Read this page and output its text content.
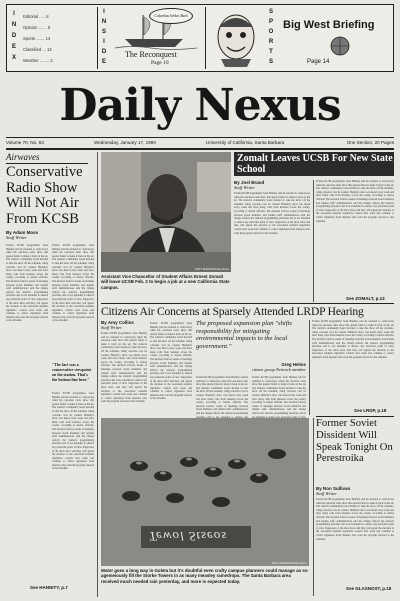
I
N
D
E
X
Editorial ..... 8
Opinion ....... 9
Sports ....... 14
Classified ... 13
Weather ........ 2
I
N
S
I
D
E
Columbus Strikes Back
The Reconquest
Page 10
S
P
O
R
T
S
Big West Briefing
Page 14
Daily Nexus
Volume 70, No. 63	Wednesday, January 17, 1990	University of California, Santa Barbara	One Section, 20 Pages
Airwaves
Conservative Radio Show Will Not Air From KCSB
By Adam Moss
Staff Writer
Former KCSB programmer Sean Hannity said he returned to controversy when his one-hour radio show this quarter failed to make it back on the air. The station's community board decided to take the show off the schedule, citing concerns over its content. Hannity's show was heard every week and drew many calls from listeners across the county, according to station officials. The decision follows weeks of meetings between board members and student staff. Administrators said the change reflects the station's programming priorities and is not intended to silence any particular point of view. Supporters of the show have said they will appeal the decision to the associated students legislative council next week and continue to collect signatures from listeners who want the program restored to the schedule.
Former KCSB programmer Sean Hannity said he returned to controversy when his one-hour radio show this quarter failed to make it back on the air. The station's community board decided to take the show off the schedule, citing concerns over its content. Hannity's show was heard every week and drew many calls from listeners across the county, according to station officials. The decision follows weeks of meetings between board members and student staff. Administrators said the change reflects the station's programming priorities and is not intended to silence any particular point of view. Supporters of the show have said they will appeal the decision to the associated students legislative council next week and continue to collect signatures from listeners who want the program restored to the schedule.
"The fact was a conservative viewpoint on the station. That's the bottom line here."
Former KCSB programmer Sean Hannity said he returned to controversy when his one-hour radio show this quarter failed to make it back on the air. The station's community board decided to take the show off the schedule, citing concerns over its content. Hannity's show was heard every week and drew many calls from listeners across the county, according to station officials. The decision follows weeks of meetings between board members and student staff. Administrators said the change reflects the station's programming priorities and is not intended to silence any particular point of view. Supporters of the show have said they will appeal the decision to the associated students legislative council next week and continue to collect signatures from listeners who want the program restored to the schedule.
See HANNITY, p.7
MATT BURRISH/Daily Nexus
Assistant Vice Chancellor of Student Affairs Ernest Zomalt will leave UCSB Feb. 2 to begin a job at a new California State campus.
Zomalt Leaves UCSB For New State School
By Joel Brand
Staff Writer
Former KCSB programmer Sean Hannity said he returned to controversy when his one-hour radio show this quarter failed to make it back on the air. The station's community board decided to take the show off the schedule, citing concerns over its content. Hannity's show was heard every week and drew many calls from listeners across the county, according to station officials. The decision follows weeks of meetings between board members and student staff. Administrators said the change reflects the station's programming priorities and is not intended to silence any particular point of view. Supporters of the show have said they will appeal the decision to the associated students legislative council next week and continue to collect signatures from listeners who want the program restored to the schedule.
Former KCSB programmer Sean Hannity said he returned to controversy when his one-hour radio show this quarter failed to make it back on the air. The station's community board decided to take the show off the schedule, citing concerns over its content. Hannity's show was heard every week and drew many calls from listeners across the county, according to station officials. The decision follows weeks of meetings between board members and student staff. Administrators said the change reflects the station's programming priorities and is not intended to silence any particular point of view. Supporters of the show have said they will appeal the decision to the associated students legislative council next week and continue to collect signatures from listeners who want the program restored to the schedule.
See ZOMALT, p.13
Citizens Air Concerns at Sparsely Attended LRDP Hearing
By Amy Collins
Staff Writer
Former KCSB programmer Sean Hannity said he returned to controversy when his one-hour radio show this quarter failed to make it back on the air. The station's community board decided to take the show off the schedule, citing concerns over its content. Hannity's show was heard every week and drew many calls from listeners across the county, according to station officials. The decision follows weeks of meetings between board members and student staff. Administrators said the change reflects the station's programming priorities and is not intended to silence any particular point of view. Supporters of the show have said they will appeal the decision to the associated students legislative council next week and continue to collect signatures from listeners who want the program restored to the schedule.
Former KCSB programmer Sean Hannity said he returned to controversy when his one-hour radio show this quarter failed to make it back on the air. The station's community board decided to take the show off the schedule, citing concerns over its content. Hannity's show was heard every week and drew many calls from listeners across the county, according to station officials. The decision follows weeks of meetings between board members and student staff. Administrators said the change reflects the station's programming priorities and is not intended to silence any particular point of view. Supporters of the show have said they will appeal the decision to the associated students legislative council next week and continue to collect signatures from listeners who want the program restored to the schedule.
The proposed expansion plan "shifts responsibility for mitigating environmental impacts to the local government."
Greg Helms
citizen group Network member
Former KCSB programmer Sean Hannity said he returned to controversy when his one-hour radio show this quarter failed to make it back on the air. The station's community board decided to take the show off the schedule, citing concerns over its content. Hannity's show was heard every week and drew many calls from listeners across the county, according to station officials. The decision follows weeks of meetings between board members and student staff. Administrators said the change reflects the station's programming
Former KCSB programmer Sean Hannity said he returned to controversy when his one-hour radio show this quarter failed to make it back on the air. The station's community board decided to take the show off the schedule, citing concerns over its content. Hannity's show was heard every week and drew many calls from listeners across the county, according to station officials. The decision follows weeks of meetings between board members and student staff. Administrators said the change reflects the station's programming priorities and is
Former KCSB programmer Sean Hannity said he returned to controversy when his one-hour radio show this quarter failed to make it back on the air. The station's community board decided to take the show off the schedule, citing concerns over its content. Hannity's show was heard every week and drew many calls from listeners across the county, according to station officials. The decision follows weeks of meetings between board members and student staff. Administrators said the change reflects the station's programming priorities and is not intended to silence any particular point of view. Supporters of the show have said they will appeal the decision to the associated students legislative council next week and continue to collect signatures from listeners who want the program restored to the schedule.
See LRDP, p.18
Tewol Stseos
JEFF GREENING/Daily Nexus
Water goes a long way in Goleta but it's doubtful even crafty campus planners could manage an ex-agemeiously fill the Storke Towers in as many measley rainedrops. The Santa Barbara area received much needed rain yesterday, and more is expected today.
Former Soviet Dissident Will Speak Tonight On Perestroika
By Ron Sullivan
Staff Writer
Former KCSB programmer Sean Hannity said he returned to controversy when his one-hour radio show this quarter failed to make it back on the air. The station's community board decided to take the show off the schedule, citing concerns over its content. Hannity's show was heard every week and drew many calls from listeners across the county, according to station officials. The decision follows weeks of meetings between board members and student staff. Administrators said the change reflects the station's programming priorities and is not intended to silence any particular point of view. Supporters of the show have said they will appeal the decision to the associated students legislative council next week and continue to collect signatures from listeners who want the program restored to the schedule.
See GLASNOST, p.18
